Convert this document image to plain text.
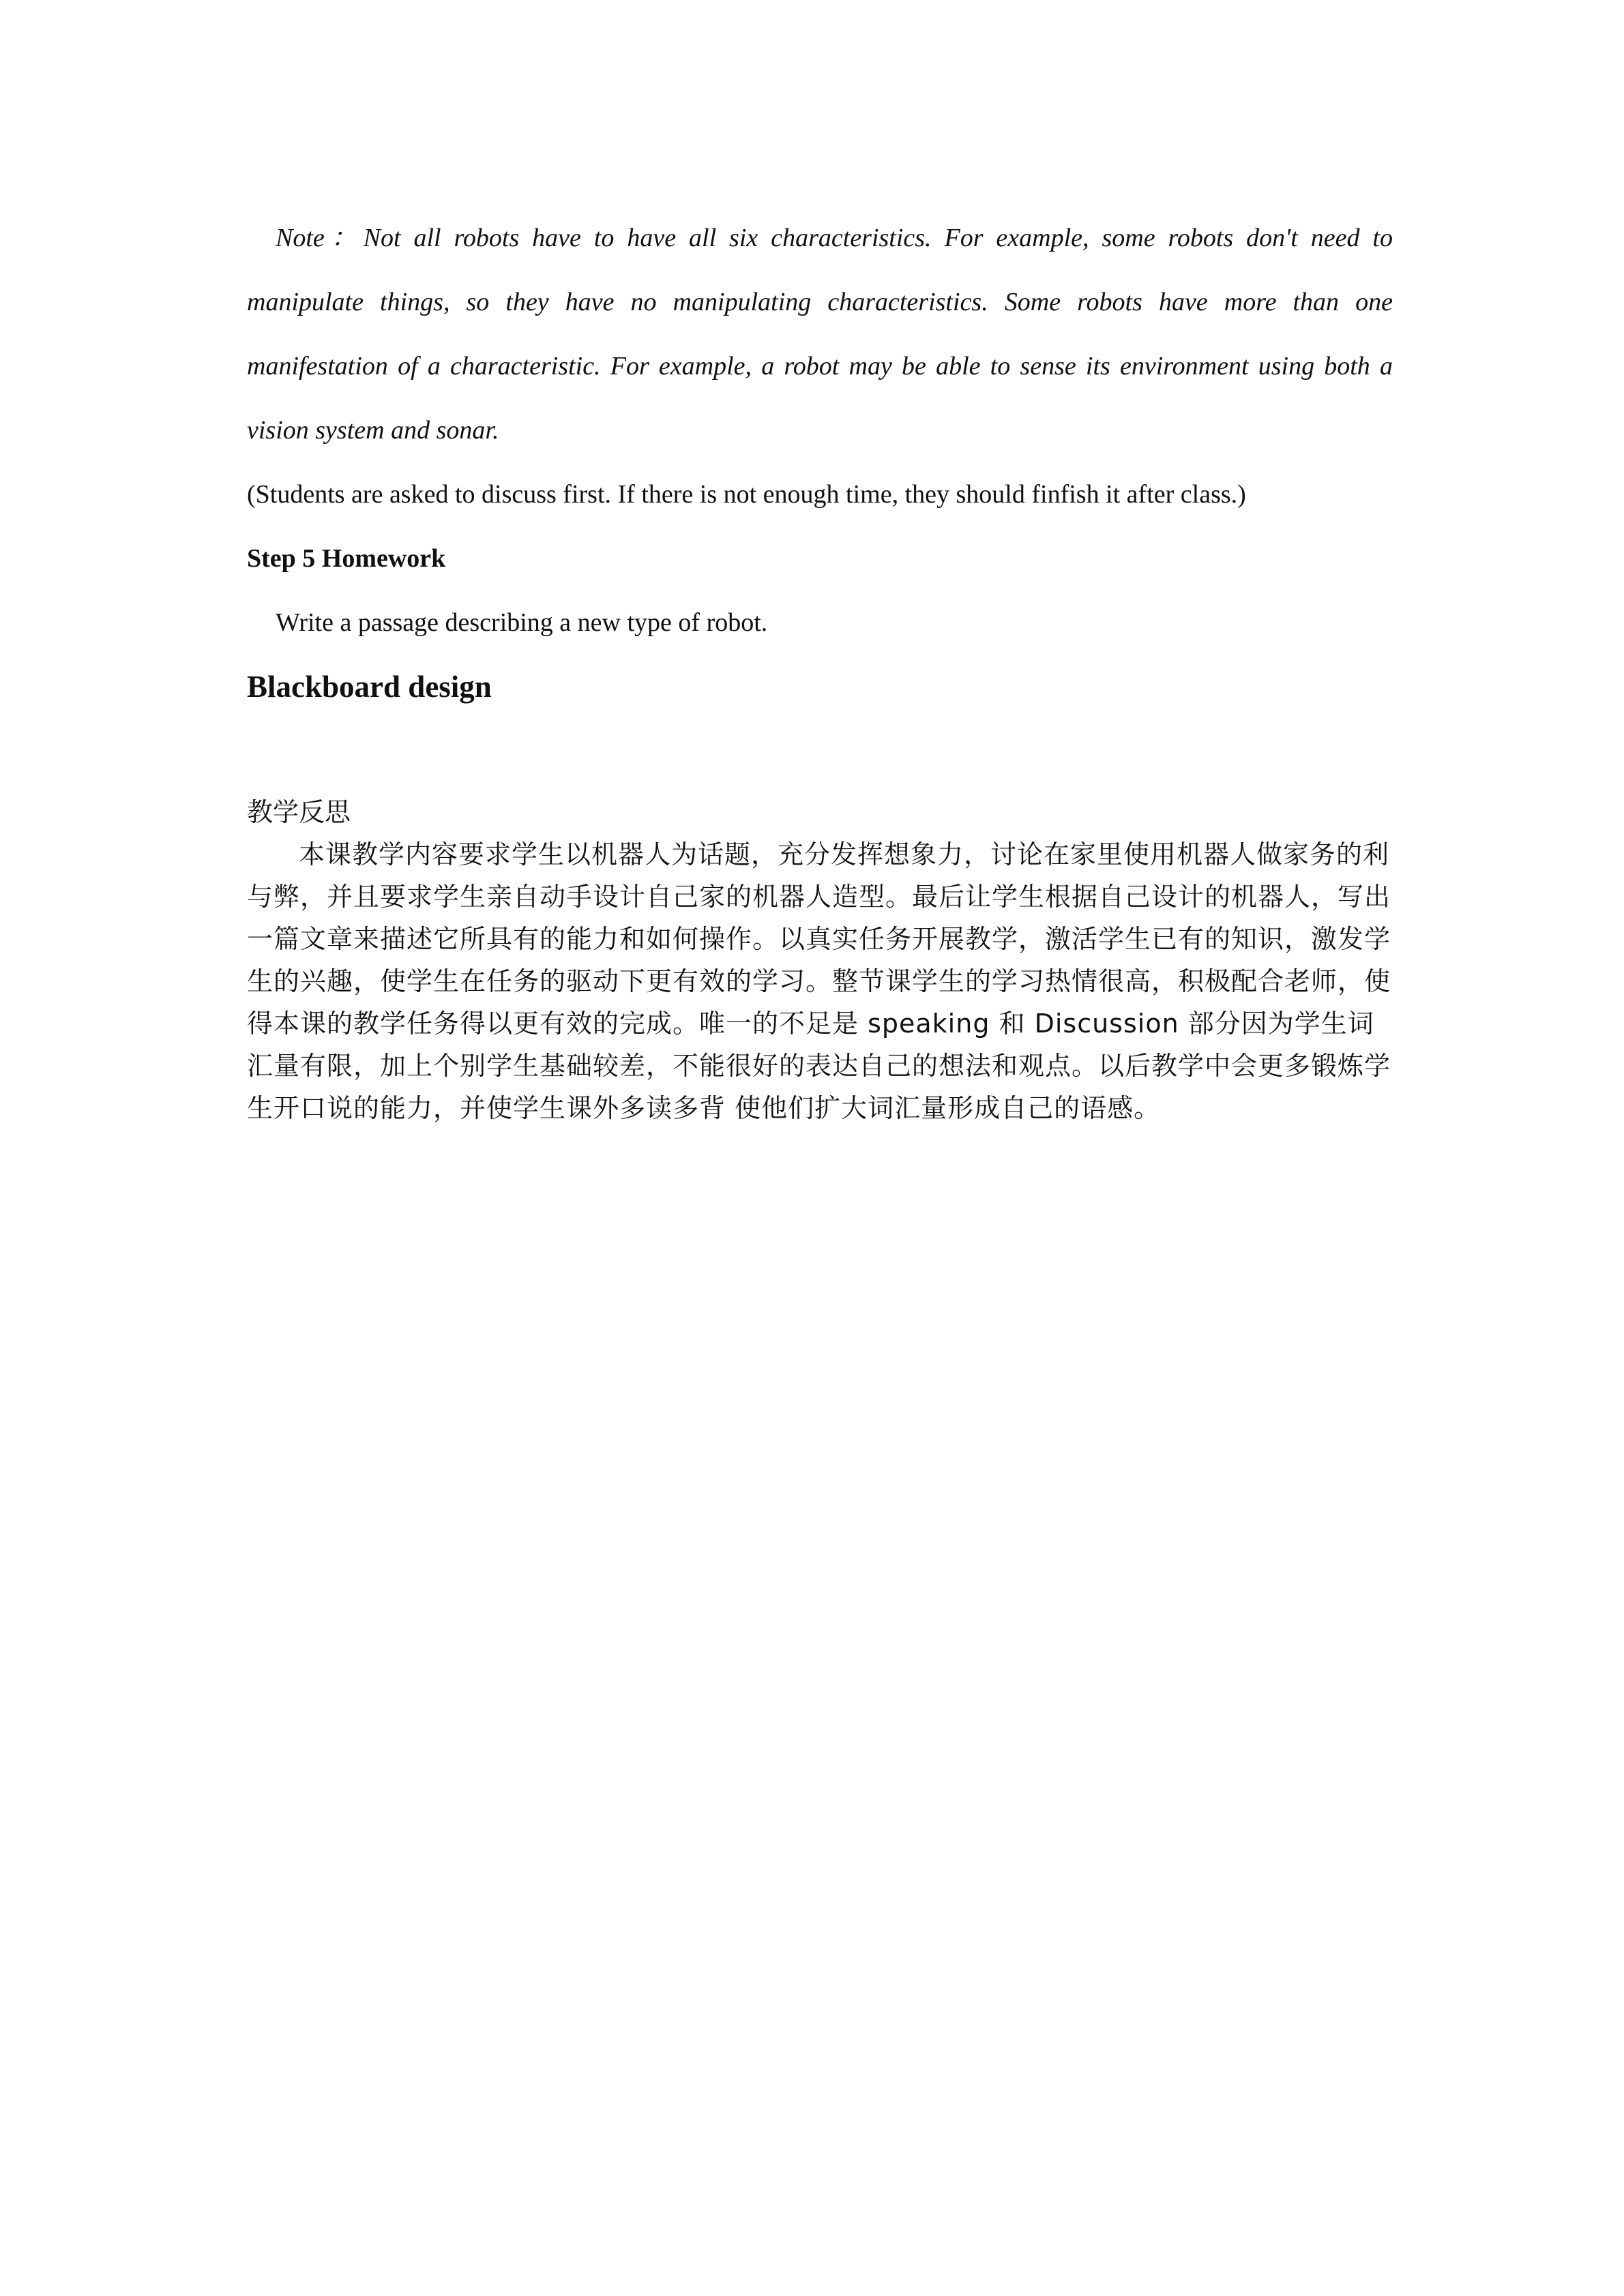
Note：Not all robots have to have all six characteristics. For example, some robots don't need to manipulate things, so they have no manipulating characteristics. Some robots have more than one manifestation of a characteristic. For example, a robot may be able to sense its environment using both a vision system and sonar.

(Students are asked to discuss first. If there is not enough time, they should finfish it after class.)

Step 5 Homework

Write a passage describing a new type of robot.

Blackboard design

教学反思

本课教学内容要求学生以机器人为话题，充分发挥想象力，讨论在家里使用机器人做家务的利与弊，并且要求学生亲自动手设计自己家的机器人造型。最后让学生根据自己设计的机器人，写出一篇文章来描述它所具有的能力和如何操作。以真实任务开展教学，激活学生已有的知识，激发学生的兴趣，使学生在任务的驱动下更有效的学习。整节课学生的学习热情很高，积极配合老师，使得本课的教学任务得以更有效的完成。唯一的不足是 speaking 和 Discussion 部分因为学生词汇量有限，加上个别学生基础较差，不能很好的表达自己的想法和观点。以后教学中会更多锻炼学生开口说的能力，并使学生课外多读多背 使他们扩大词汇量形成自己的语感。
